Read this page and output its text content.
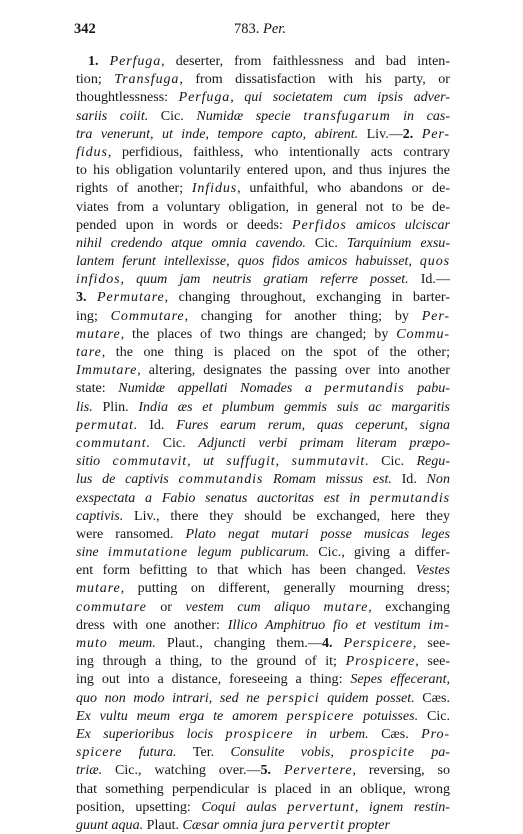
342	783. Per.
1. Perfuga, deserter, from faithlessness and bad inten-
tion; Transfuga, from dissatisfaction with his party, or
thoughtlessness: Perfuga, qui societatem cum ipsis adver-
sariis coiit. Cic. Numidæ specie transfugarum in cas-
tra venerunt, ut inde, tempore capto, abirent. Liv.—2. Per-
fidus, perfidious, faithless, who intentionally acts contrary
to his obligation voluntarily entered upon, and thus injures the
rights of another; Infidus, unfaithful, who abandons or de-
viates from a voluntary obligation, in general not to be de-
pended upon in words or deeds: Perfidos amicos ulciscar
nihil credendo atque omnia cavendo. Cic. Tarquinium exsu-
lantem ferunt intellexisse, quos fidos amicos habuisset, quos
infidos, quum jam neutris gratiam referre posset. Id.—
3. Permutare, changing throughout, exchanging in barter-
ing; Commutare, changing for another thing; by Per-
mutare, the places of two things are changed; by Commu-
tare, the one thing is placed on the spot of the other;
Immutare, altering, designates the passing over into another
state: Numidæ appellati Nomades a permutandis pabu-
lis. Plin. India æs et plumbum gemmis suis ac margaritis
permutat. Id. Fures earum rerum, quas ceperunt, signa
commutant. Cic. Adjuncti verbi primam literam præpo-
sitio commutavit, ut suffugit, summutavit. Cic. Regu-
lus de captivis commutandis Romam missus est. Id. Non
exspectata a Fabio senatus auctoritas est in permutandis
captivis. Liv., there they should be exchanged, here they
were ransomed. Plato negat mutari posse musicas leges
sine immutatione legum publicarum. Cic., giving a differ-
ent form befitting to that which has been changed. Vestes
mutare, putting on different, generally mourning dress;
commutare or vestem cum aliquo mutare, exchanging
dress with one another: Illico Amphitruo fio et vestitum im-
muto meum. Plaut., changing them.—4. Perspicere, see-
ing through a thing, to the ground of it; Prospicere, see-
ing out into a distance, foreseeing a thing: Sepes effecerant,
quo non modo intrari, sed ne perspici quidem posset. Cæs.
Ex vultu meum erga te amorem perspicere potuisses. Cic.
Ex superioribus locis prospicere in urbem. Cæs. Pro-
spicere futura. Ter. Consulite vobis, prospicite pa-
triæ. Cic., watching over.—5. Pervertere, reversing, so
that something perpendicular is placed in an oblique, wrong
position, upsetting: Coqui aulas pervertunt, ignem restin-
guunt aqua. Plaut. Cæsar omnia jura pervertit propter
